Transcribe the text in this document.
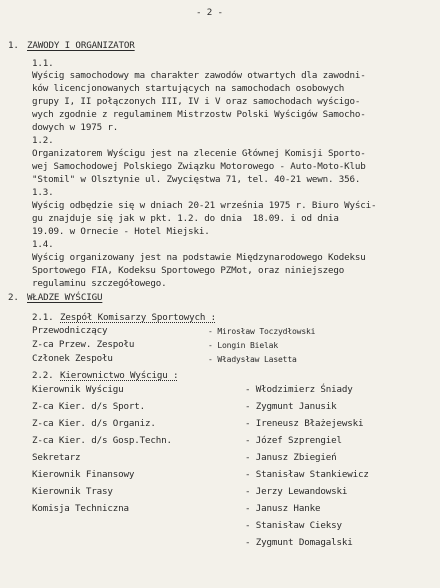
- 2 -
1. ZAWODY I ORGANIZATOR
1.1.
Wyścig samochodowy ma charakter zawodów otwartych dla zawodni-
ków licencjonowanych startujących na samochodach osobowych
grupy I, II połączonych III, IV i V oraz samochodach wyścigo-
wych zgodnie z regulaminem Mistrzostw Polski Wyścigów Samocho-
dowych w 1975 r.
1.2.
Organizatorem Wyścigu jest na zlecenie Głównej Komisji Sporto-
wej Samochodowej Polskiego Związku Motorowego - Auto-Moto-Klub
"Stomil" w Olsztynie ul. Zwycięstwa 71, tel. 40-21 wewn. 356.
1.3.
Wyścig odbędzie się w dniach 20-21 września 1975 r. Biuro Wyści-
gu znajduje się jak w pkt. 1.2. do dnia  18.09. i od dnia
19.09. w Ornecie - Hotel Miejski.
1.4.
Wyścig organizowany jest na podstawie Międzynarodowego Kodeksu
Sportowego FIA, Kodeksu Sportowego PZMot, oraz niniejszego
regulaminu szczegółowego.
2. WŁADZE WYŚCIGU
2.1. Zespół Komisarzy Sportowych :
Przewodniczący	- Mirosław Toczydłowski
Z-ca Przew. Zespołu	- Longin Bielak
Członek Zespołu	- Władysław Lasetta
2.2. Kierownictwo Wyścigu :
Kierownik Wyścigu	- Włodzimierz Śniady
Z-ca Kier. d/s Sport.	- Zygmunt Janusik
Z-ca Kier. d/s Organiz.	- Ireneusz Błażejewski
Z-ca Kier. d/s Gosp.Techn.	- Józef Szprengiel
Sekretarz	- Janusz Zbiegień
Kierownik Finansowy	- Stanisław Stankiewicz
Kierownik Trasy	- Jerzy Lewandowski
Komisja Techniczna	- Janusz Hanke
- Stanisław Cieksy
- Zygmunt Domagalski
